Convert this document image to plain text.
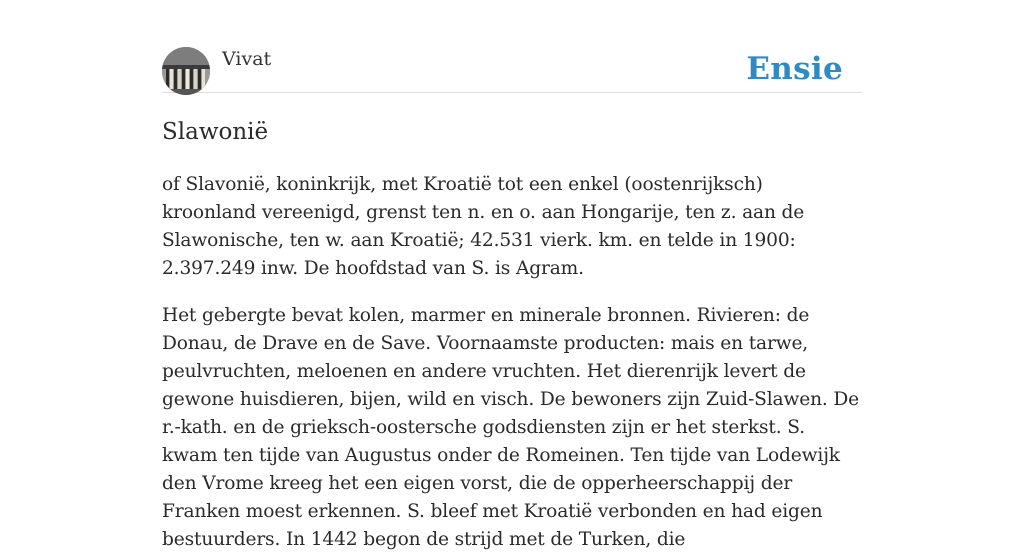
Vivat	Ensie
Slawonië

of Slavonië, koninkrijk, met Kroatië tot een enkel (oostenrijksch) kroonland vereenigd, grenst ten n. en o. aan Hongarije, ten z. aan de Slawonische, ten w. aan Kroatië; 42.531 vierk. km. en telde in 1900: 2.397.249 inw. De hoofdstad van S. is Agram.

Het gebergte bevat kolen, marmer en minerale bronnen. Rivieren: de Donau, de Drave en de Save. Voornaamste producten: mais en tarwe, peulvruchten, meloenen en andere vruchten. Het dierenrijk levert de gewone huisdieren, bijen, wild en visch. De bewoners zijn Zuid-Slawen. De r.-kath. en de grieksch-oostersche godsdiensten zijn er het sterkst. S. kwam ten tijde van Augustus onder de Romeinen. Ten tijde van Lodewijk den Vrome kreeg het een eigen vorst, die de opperheerschappij der Franken moest erkennen. S. bleef met Kroatië verbonden en had eigen bestuurders. In 1442 begon de strijd met de Turken, die
